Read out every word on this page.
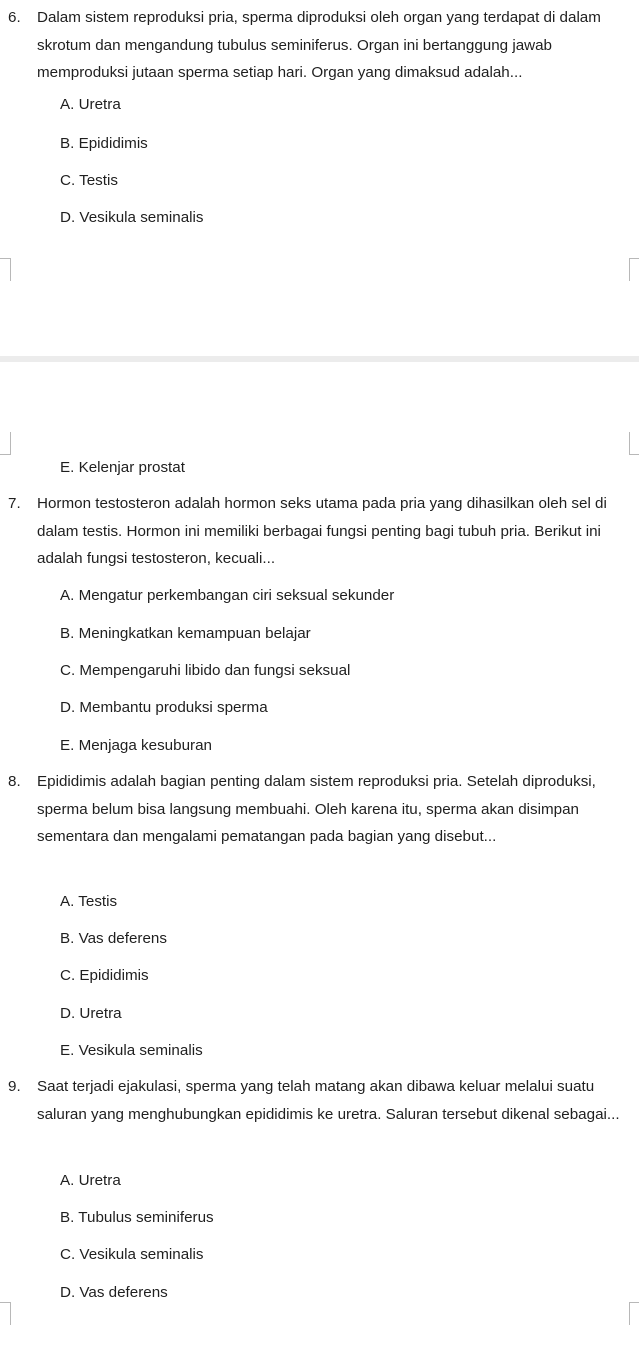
6. Dalam sistem reproduksi pria, sperma diproduksi oleh organ yang terdapat di dalam skrotum dan mengandung tubulus seminiferus. Organ ini bertanggung jawab memproduksi jutaan sperma setiap hari. Organ yang dimaksud adalah...
A. Uretra
B. Epididimis
C. Testis
D. Vesikula seminalis
E. Kelenjar prostat
7. Hormon testosteron adalah hormon seks utama pada pria yang dihasilkan oleh sel di dalam testis. Hormon ini memiliki berbagai fungsi penting bagi tubuh pria. Berikut ini adalah fungsi testosteron, kecuali...
A. Mengatur perkembangan ciri seksual sekunder
B. Meningkatkan kemampuan belajar
C. Mempengaruhi libido dan fungsi seksual
D. Membantu produksi sperma
E. Menjaga kesuburan
8. Epididimis adalah bagian penting dalam sistem reproduksi pria. Setelah diproduksi, sperma belum bisa langsung membuahi. Oleh karena itu, sperma akan disimpan sementara dan mengalami pematangan pada bagian yang disebut...
A. Testis
B. Vas deferens
C. Epididimis
D. Uretra
E. Vesikula seminalis
9. Saat terjadi ejakulasi, sperma yang telah matang akan dibawa keluar melalui suatu saluran yang menghubungkan epididimis ke uretra. Saluran tersebut dikenal sebagai...
A. Uretra
B. Tubulus seminiferus
C. Vesikula seminalis
D. Vas deferens
